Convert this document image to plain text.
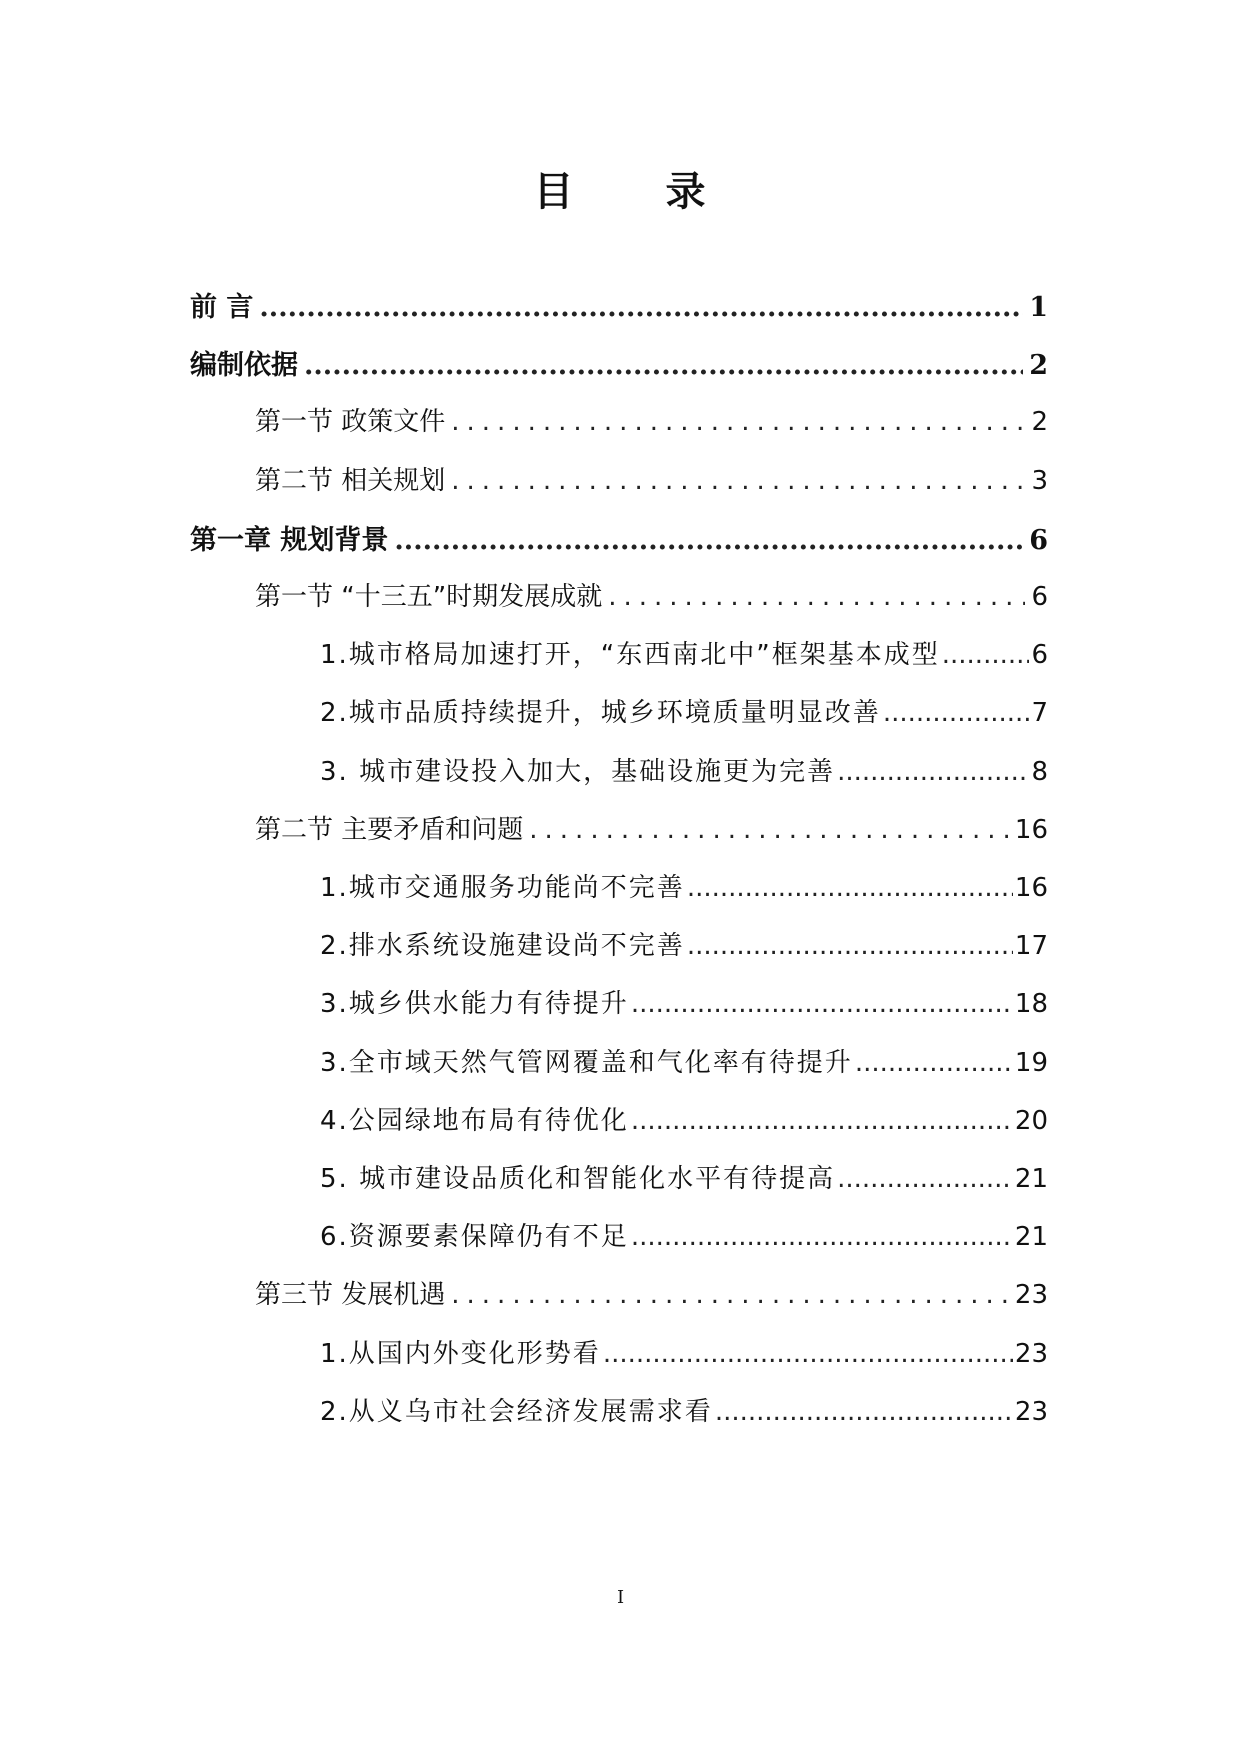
目 录
前 言 .....	1
编制依据 .....	2
第一节 政策文件 .....	2
第二节 相关规划 .....	3
第一章 规划背景 .....	6
第一节 “十三五”时期发展成就 .....	6
1.城市格局加速打开，“东西南北中”框架基本成型 .....	6
2.城市品质持续提升，城乡环境质量明显改善 .....	7
3. 城市建设投入加大，基础设施更为完善 .....	8
第二节 主要矛盾和问题 .....	16
1.城市交通服务功能尚不完善 .....	16
2.排水系统设施建设尚不完善 .....	17
3.城乡供水能力有待提升 .....	18
3.全市域天然气管网覆盖和气化率有待提升 .....	19
4.公园绿地布局有待优化 .....	20
5. 城市建设品质化和智能化水平有待提高 .....	21
6.资源要素保障仍有不足 .....	21
第三节 发展机遇 .....	23
1.从国内外变化形势看 .....	23
2.从义乌市社会经济发展需求看 .....	23
I
